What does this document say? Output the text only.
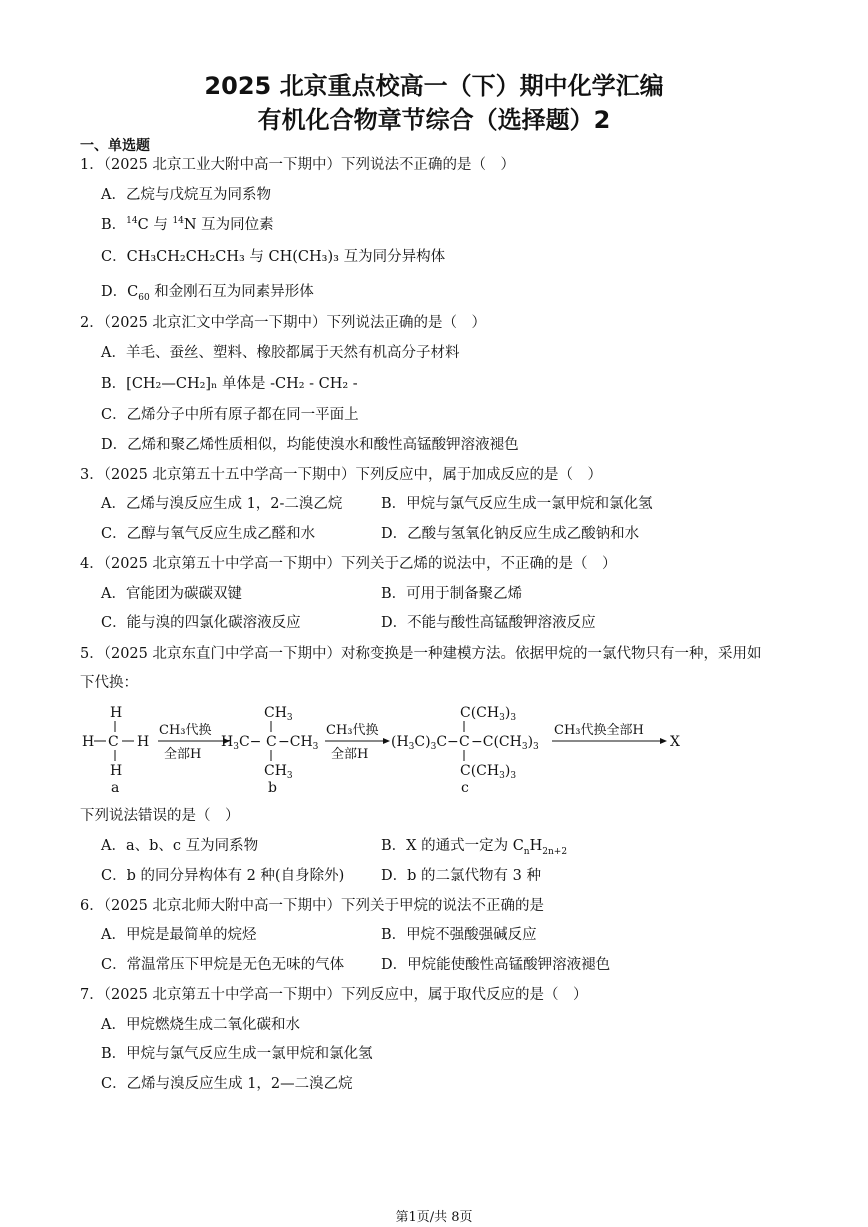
2025 北京重点校高一（下）期中化学汇编
有机化合物章节综合（选择题）2
一、单选题
1．（2025 北京工业大附中高一下期中）下列说法不正确的是（　）
A．乙烷与戊烷互为同系物
B．$^{14}$C 与 $^{14}$N 互为同位素
C．CH₃CH₂CH₂CH₃ 与 CH(CH₃)₃ 互为同分异构体
D．$C_{60}$ 和金刚石互为同素异形体
2．（2025 北京汇文中学高一下期中）下列说法正确的是（　）
A．羊毛、蚕丝、塑料、橡胶都属于天然有机高分子材料
B．[CH₂—CH₂]ₙ 单体是 -CH₂ - CH₂ -
C．乙烯分子中所有原子都在同一平面上
D．乙烯和聚乙烯性质相似，均能使溴水和酸性高锰酸钾溶液褪色
3．（2025 北京第五十五中学高一下期中）下列反应中，属于加成反应的是（　）
A．乙烯与溴反应生成 1，2-二溴乙烷	B．甲烷与氯气反应生成一氯甲烷和氯化氢
C．乙醇与氧气反应生成乙醛和水	D．乙酸与氢氧化钠反应生成乙酸钠和水
4．（2025 北京第五十中学高一下期中）下列关于乙烯的说法中，不正确的是（　）
A．官能团为碳碳双键	B．可用于制备聚乙烯
C．能与溴的四氯化碳溶液反应	D．不能与酸性高锰酸钾溶液反应
5．（2025 北京东直门中学高一下期中）对称变换是一种建模方法。依据甲烷的一氯代物只有一种，采用如
下代换：
H
H C H
H
a
CH₃代换
全部H
$CH_3$
$H_3C- C -CH_3$
$CH_3$
b
CH₃代换
全部H
$C(CH_3)_3$
$(H_3C)_3C- C -C(CH_3)_3$
$C(CH_3)_3$
c
CH₃代换全部H
X
下列说法错误的是（　）
A．a、b、c 互为同系物	B．X 的通式一定为 $C_nH_{2n+2}$
C．b 的同分异构体有 2 种(自身除外)	D．b 的二氯代物有 3 种
6．（2025 北京北师大附中高一下期中）下列关于甲烷的说法不正确的是
A．甲烷是最简单的烷烃	B．甲烷不强酸强碱反应
C．常温常压下甲烷是无色无味的气体	D．甲烷能使酸性高锰酸钾溶液褪色
7．（2025 北京第五十中学高一下期中）下列反应中，属于取代反应的是（　）
A．甲烷燃烧生成二氧化碳和水
B．甲烷与氯气反应生成一氯甲烷和氯化氢
C．乙烯与溴反应生成 1，2—二溴乙烷
第1页/共 8页
